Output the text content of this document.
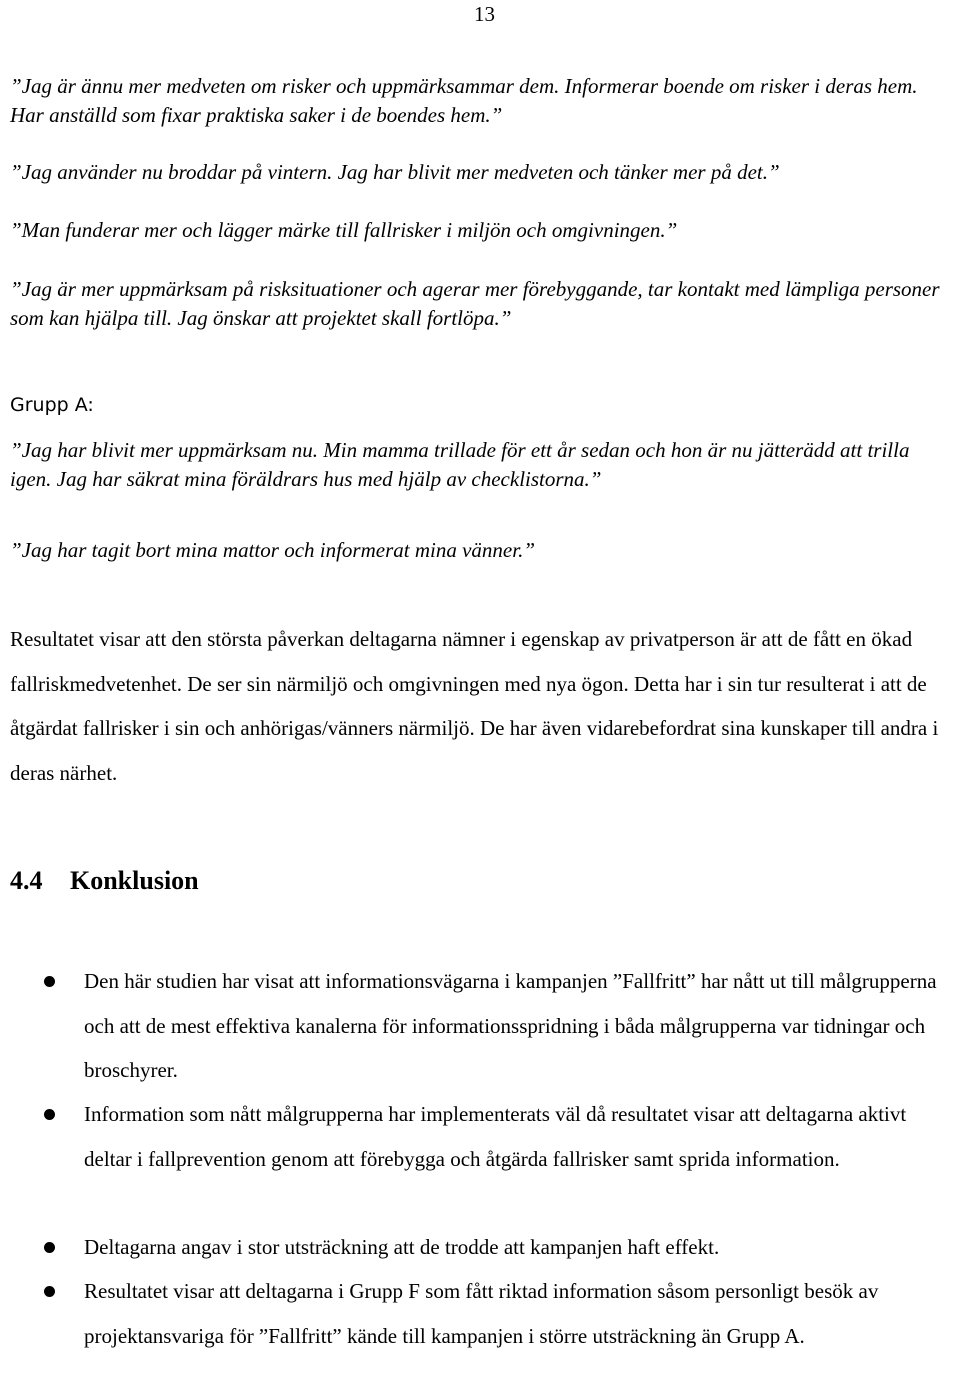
13
”Jag är ännu mer medveten om risker och uppmärksammar dem. Informerar boende om risker i deras hem. Har anställd som fixar praktiska saker i de boendes hem.”
”Jag använder nu broddar på vintern. Jag har blivit mer medveten och tänker mer på det.”
”Man funderar mer och lägger märke till fallrisker i miljön och omgivningen.”
”Jag är mer uppmärksam på risksituationer och agerar mer förebyggande, tar kontakt med lämpliga personer som kan hjälpa till. Jag önskar att projektet skall fortlöpa.”
Grupp A:
”Jag har blivit mer uppmärksam nu. Min mamma trillade för ett år sedan och hon är nu jätterädd att trilla igen. Jag har säkrat mina föräldrars hus med hjälp av checklistorna.”
”Jag har tagit bort mina mattor och informerat mina vänner.”
Resultatet visar att den största påverkan deltagarna nämner i egenskap av privatperson är att de fått en ökad fallriskmedvetenhet. De ser sin närmiljö och omgivningen med nya ögon. Detta har i sin tur resulterat i att de åtgärdat fallrisker i sin och anhörigas/vänners närmiljö. De har även vidarebefordrat sina kunskaper till andra i deras närhet.
4.4 Konklusion
Den här studien har visat att informationsvägarna i kampanjen ”Fallfritt” har nått ut till målgrupperna och att de mest effektiva kanalerna för informationsspridning i båda målgrupperna var tidningar och broschyrer.
Information som nått målgrupperna har implementerats väl då resultatet visar att deltagarna aktivt deltar i fallprevention genom att förebygga och åtgärda fallrisker samt sprida information.
Deltagarna angav i stor utsträckning att de trodde att kampanjen haft effekt.
Resultatet visar att deltagarna i Grupp F som fått riktad information såsom personligt besök av projektansvariga för ”Fallfritt” kände till kampanjen i större utsträckning än Grupp A.
